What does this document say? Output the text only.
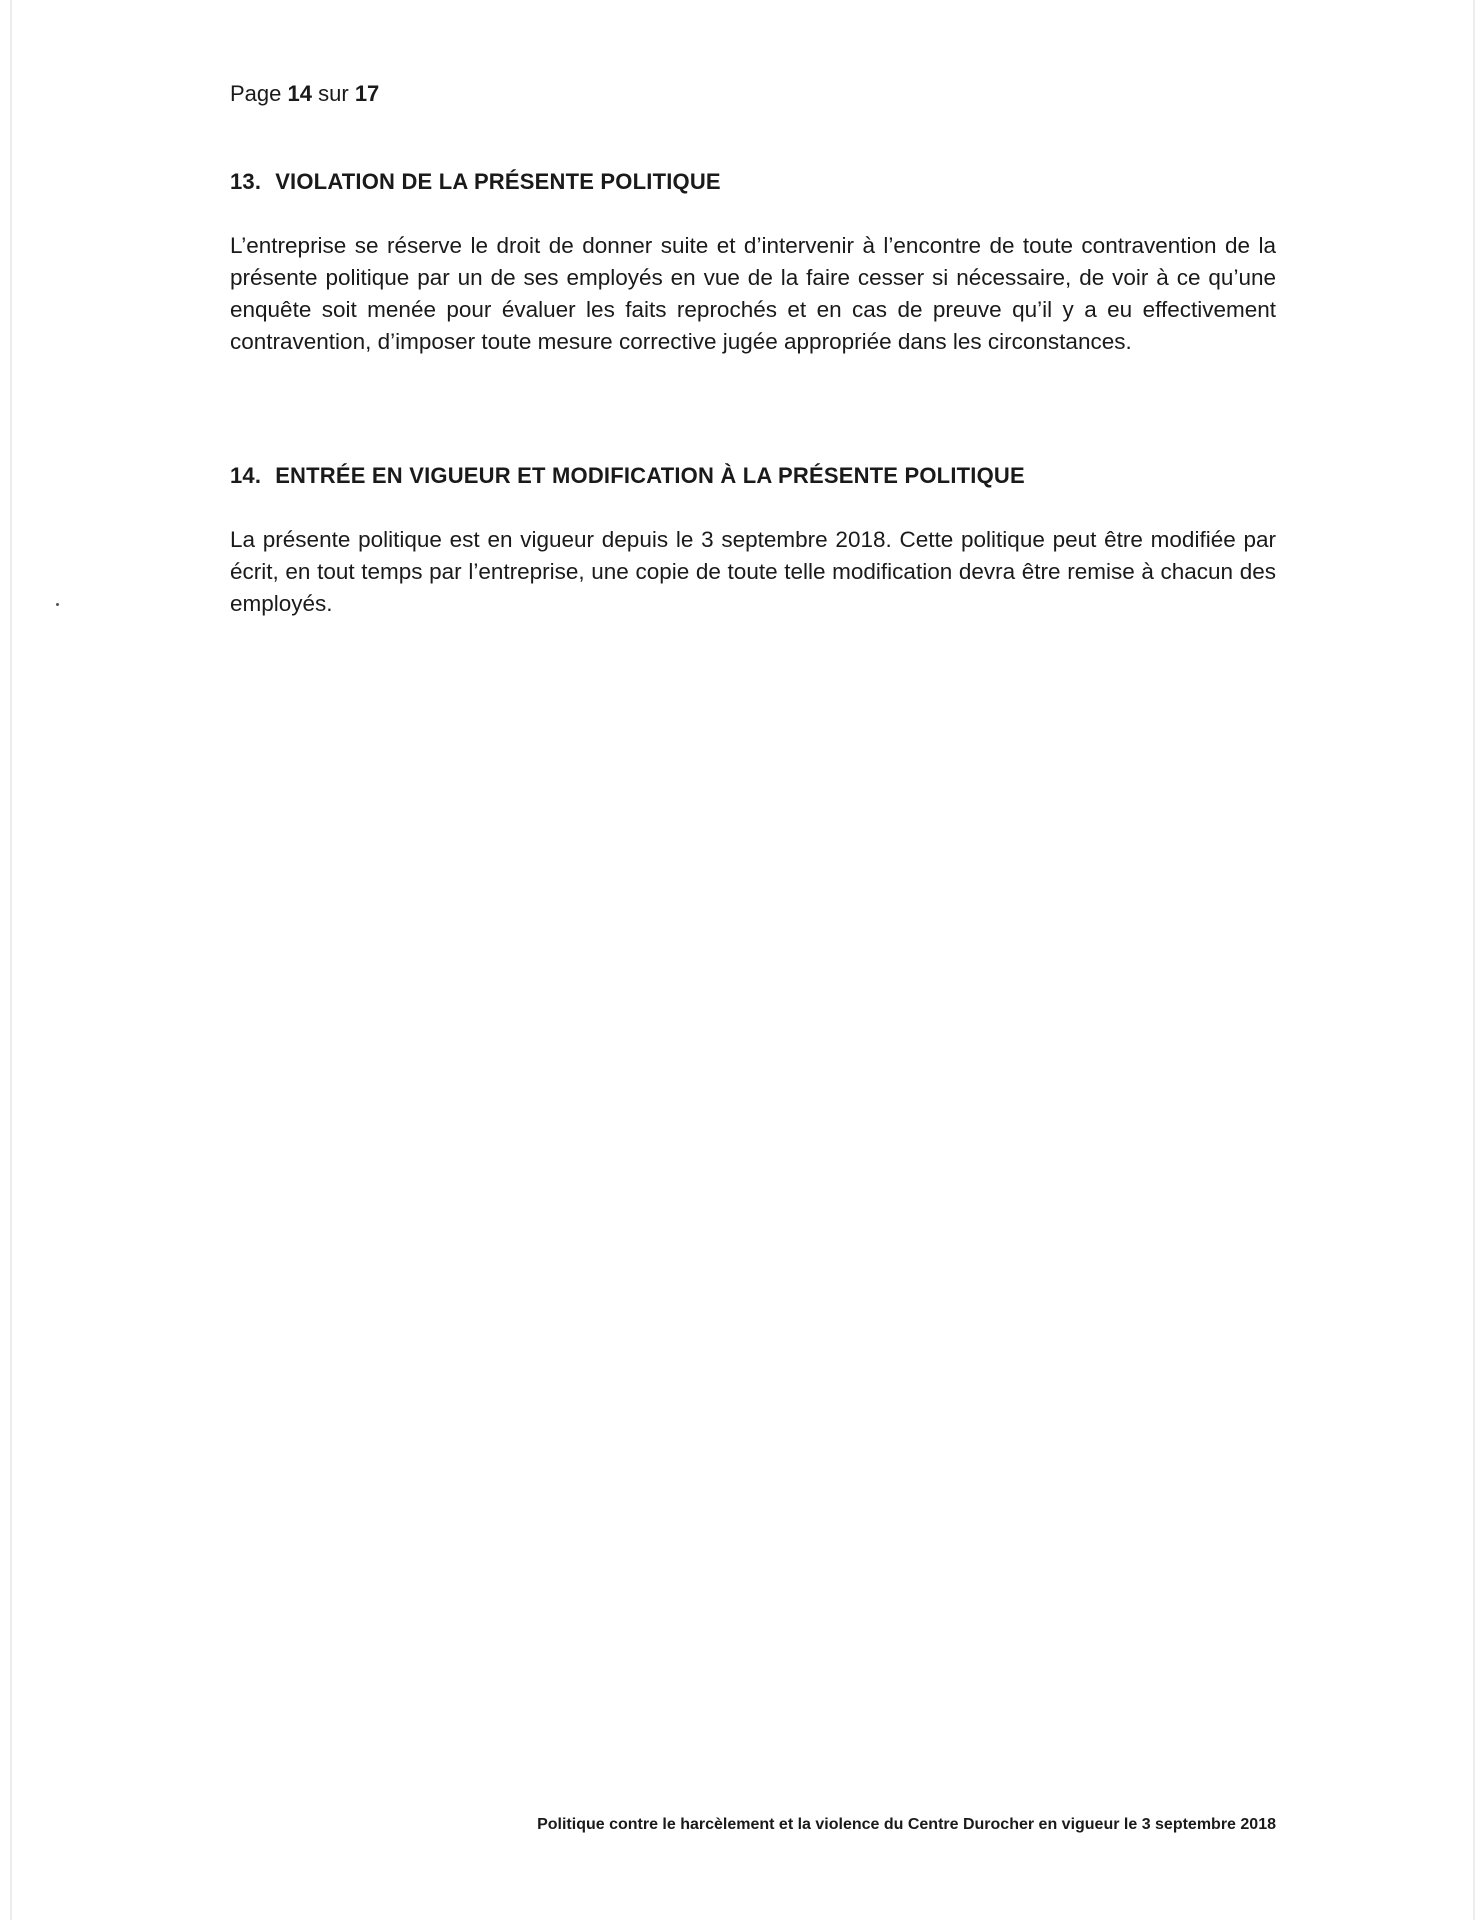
Page 14 sur 17
13. VIOLATION DE LA PRÉSENTE POLITIQUE

L’entreprise se réserve le droit de donner suite et d’intervenir à l’encontre de toute contravention de la présente politique par un de ses employés en vue de la faire cesser si nécessaire, de voir à ce qu’une enquête soit menée pour évaluer les faits reprochés et en cas de preuve qu’il y a eu effectivement contravention, d’imposer toute mesure corrective jugée appropriée dans les circonstances.

14. ENTRÉE EN VIGUEUR ET MODIFICATION À LA PRÉSENTE POLITIQUE

La présente politique est en vigueur depuis le 3 septembre 2018. Cette politique peut être modifiée par écrit, en tout temps par l’entreprise, une copie de toute telle modification devra être remise à chacun des employés.

Politique contre le harcèlement et la violence du Centre Durocher en vigueur le 3 septembre 2018
